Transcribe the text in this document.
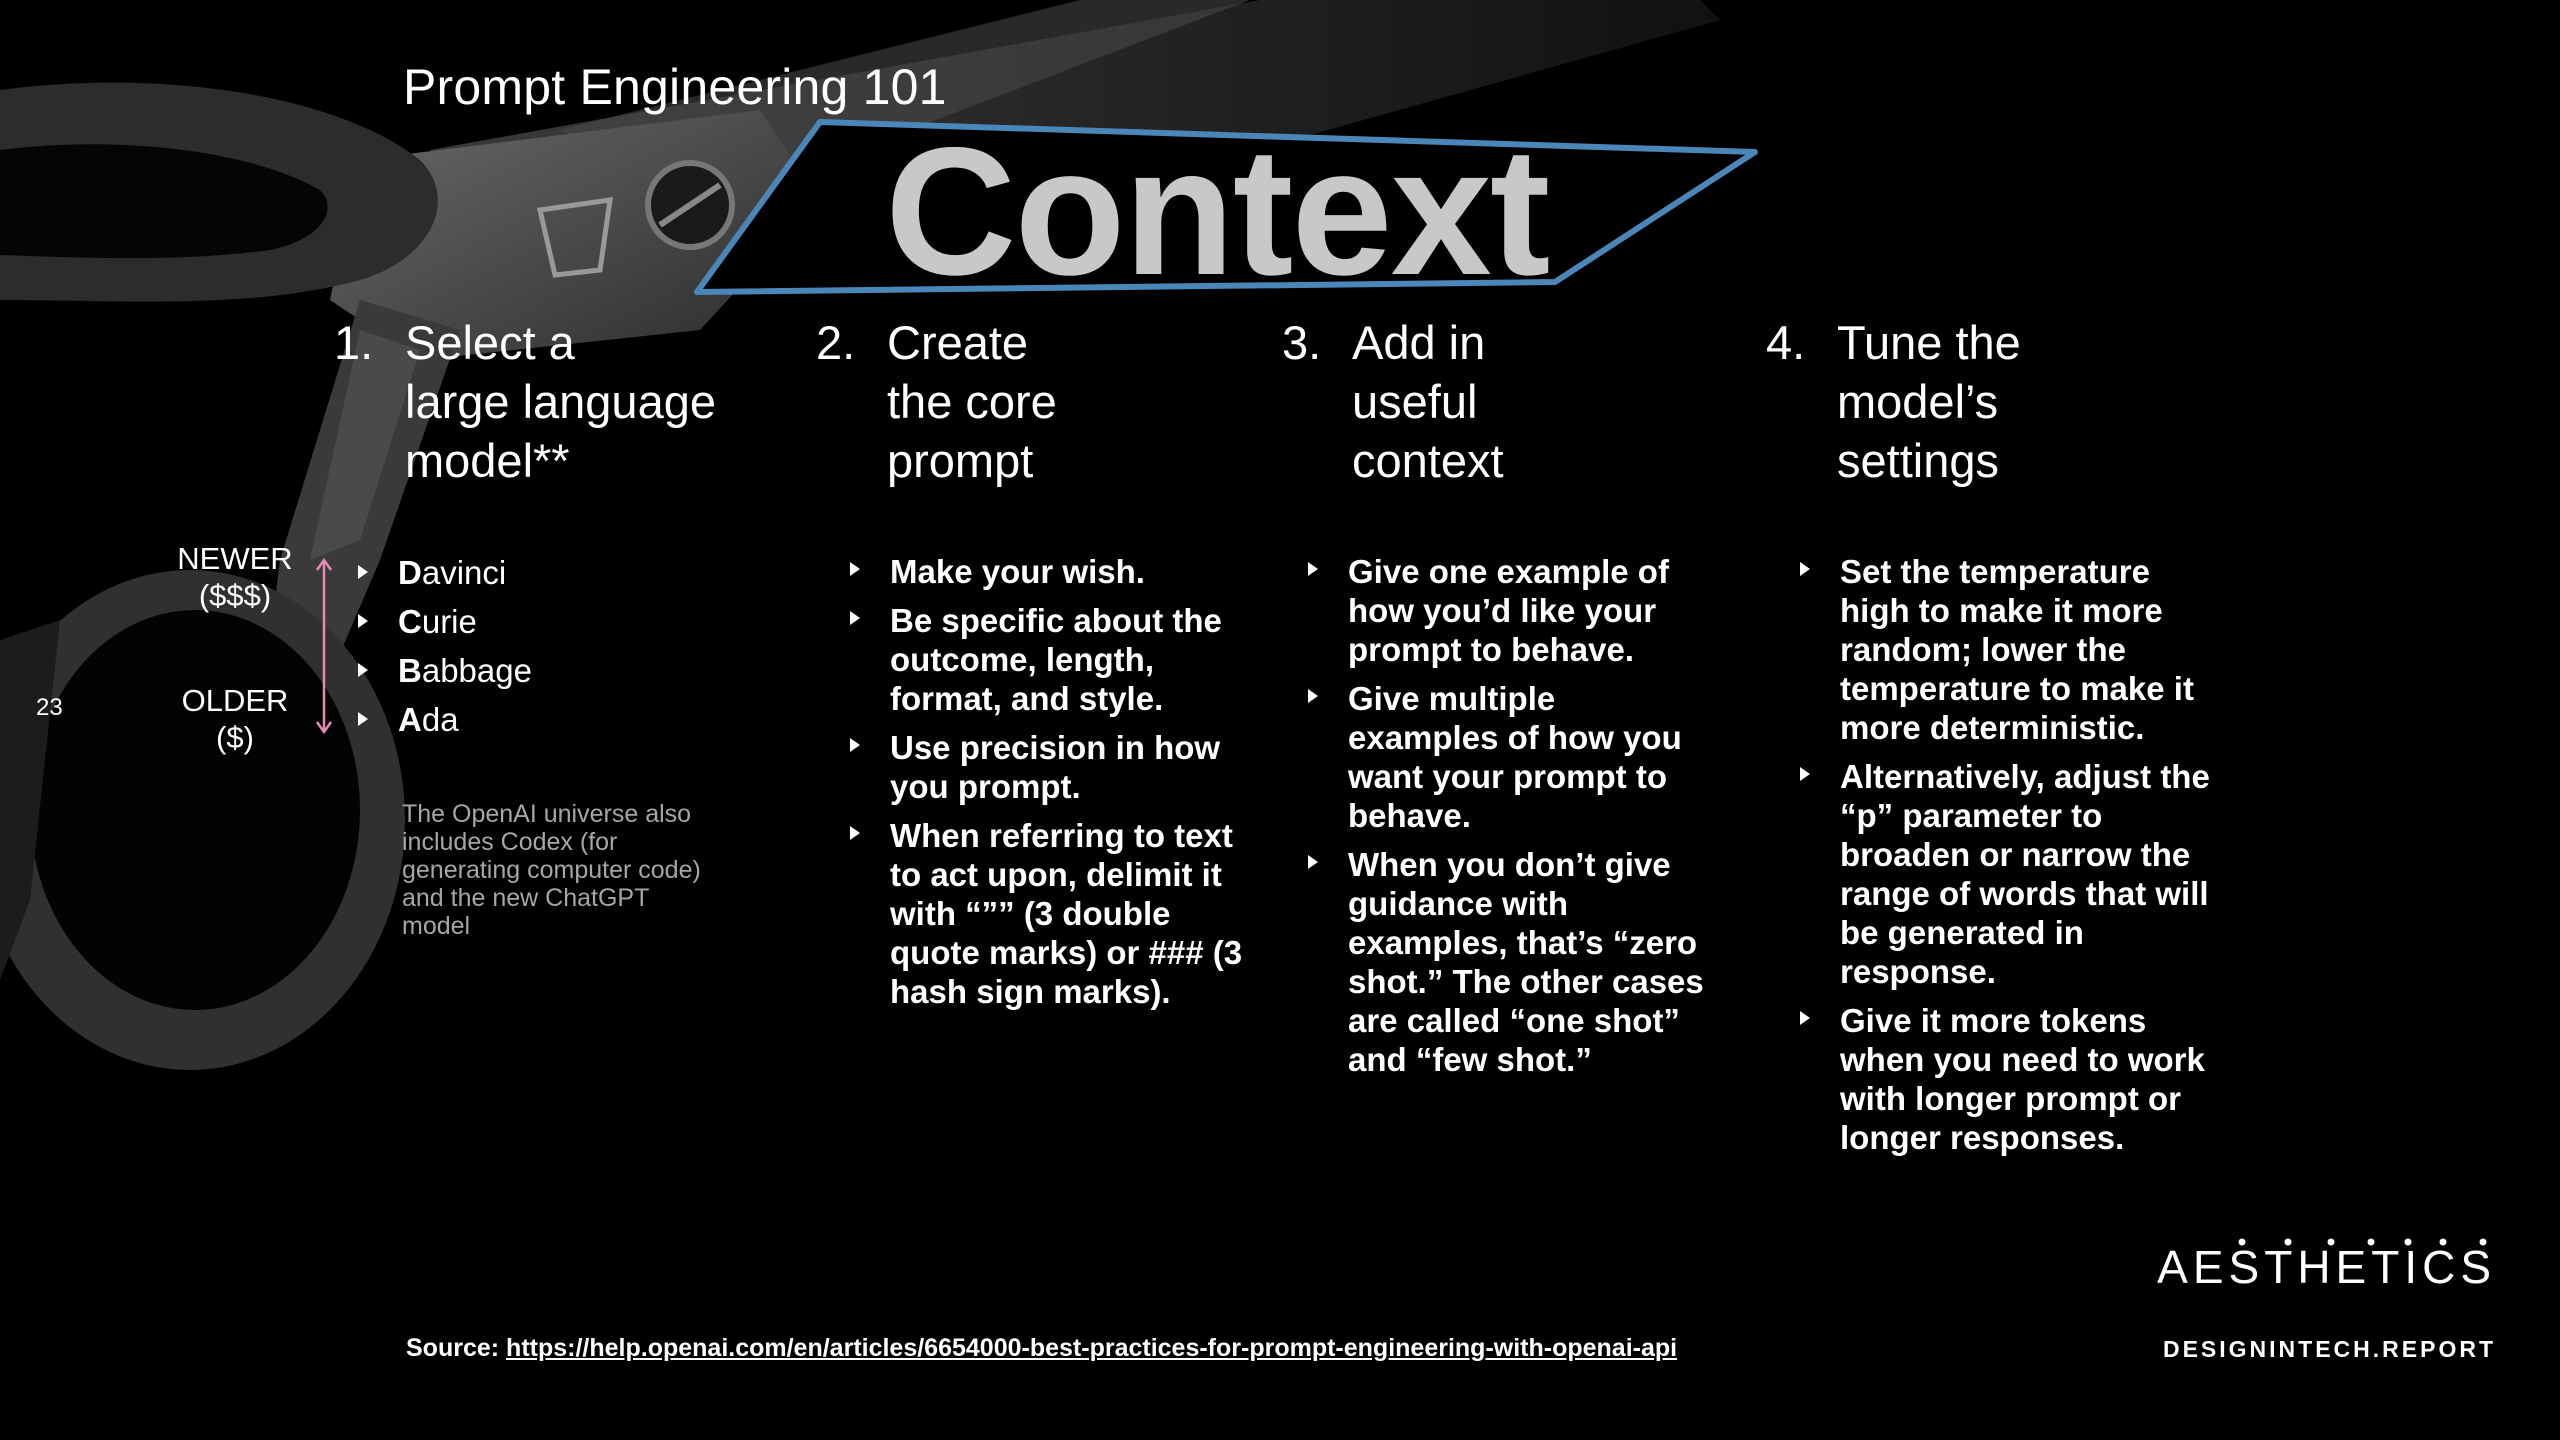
Prompt Engineering 101
Context
23
1. Select a
large language
model**
NEWER
($$$)
OLDER
($)
Davinci
Curie
Babbage
Ada
The OpenAI universe also includes Codex (for generating computer code) and the new ChatGPT model
2. Create
the core
prompt
Make your wish.
Be specific about the outcome, length, format, and style.
Use precision in how you prompt.
When referring to text to act upon, delimit it with “”” (3 double quote marks) or ### (3 hash sign marks).
3. Add in
useful
context
Give one example of how you’d like your prompt to behave.
Give multiple examples of how you want your prompt to behave.
When you don’t give guidance with examples, that’s “zero shot.” The other cases are called “one shot” and “few shot.”
4. Tune the
model’s
settings
Set the temperature high to make it more random; lower the temperature to make it more deterministic.
Alternatively, adjust the “p” parameter to broaden or narrow the range of words that will be generated in response.
Give it more tokens when you need to work with longer prompt or longer responses.
Source: https://help.openai.com/en/articles/6654000-best-practices-for-prompt-engineering-with-openai-api
AESTHETICS
DESIGNINTECH.REPORT
